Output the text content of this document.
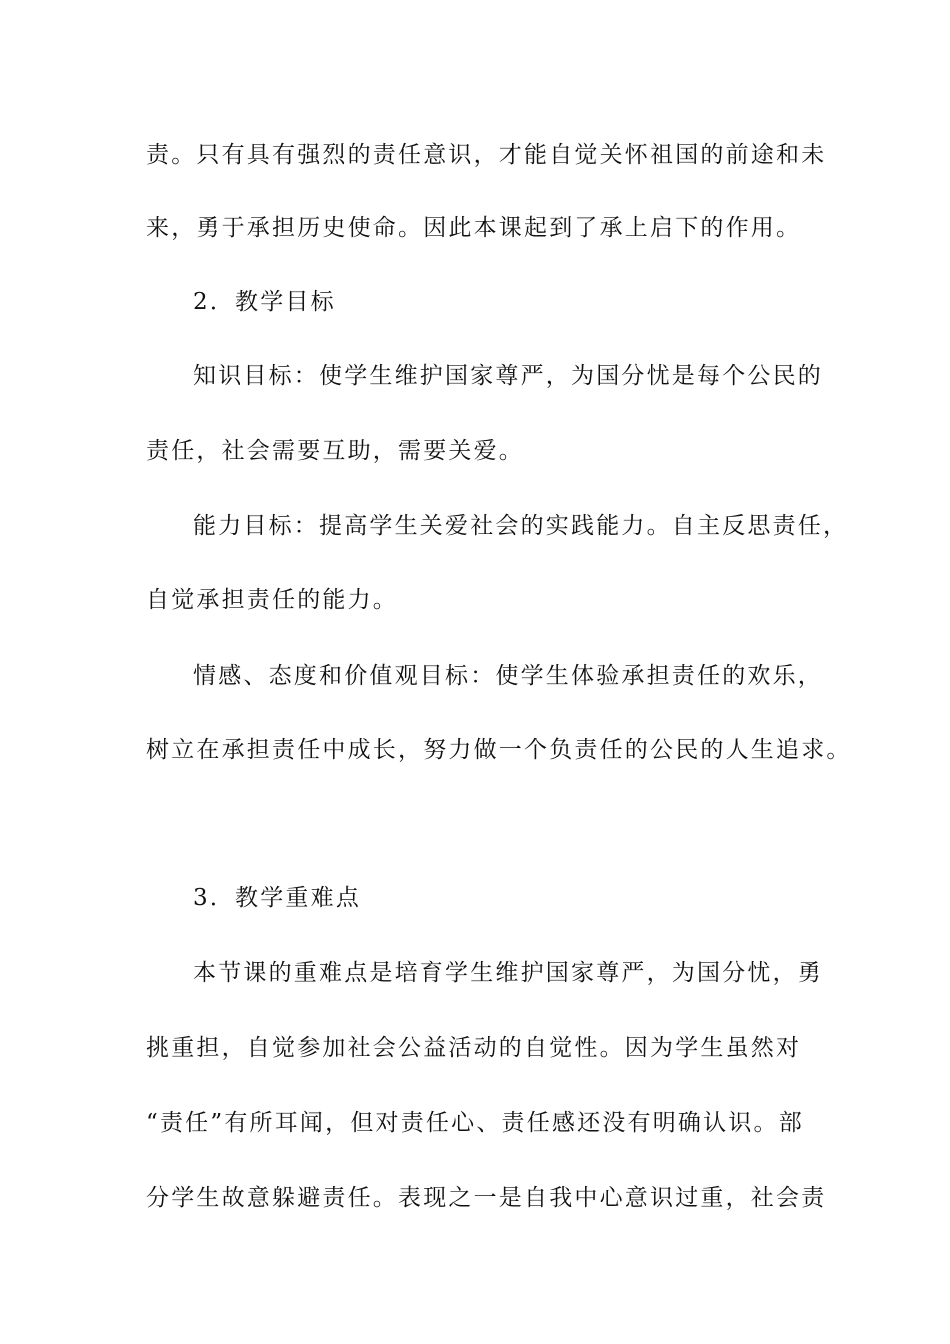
责。只有具有强烈的责任意识，才能自觉关怀祖国的前途和未
来，勇于承担历史使命。因此本课起到了承上启下的作用。
2．教学目标
知识目标：使学生维护国家尊严，为国分忧是每个公民的
责任，社会需要互助，需要关爱。
能力目标：提高学生关爱社会的实践能力。自主反思责任，
自觉承担责任的能力。
情感、态度和价值观目标：使学生体验承担责任的欢乐，
树立在承担责任中成长，努力做一个负责任的公民的人生追求。
3．教学重难点
本节课的重难点是培育学生维护国家尊严，为国分忧，勇
挑重担，自觉参加社会公益活动的自觉性。因为学生虽然对
“责任”有所耳闻，但对责任心、责任感还没有明确认识。部
分学生故意躲避责任。表现之一是自我中心意识过重，社会责
